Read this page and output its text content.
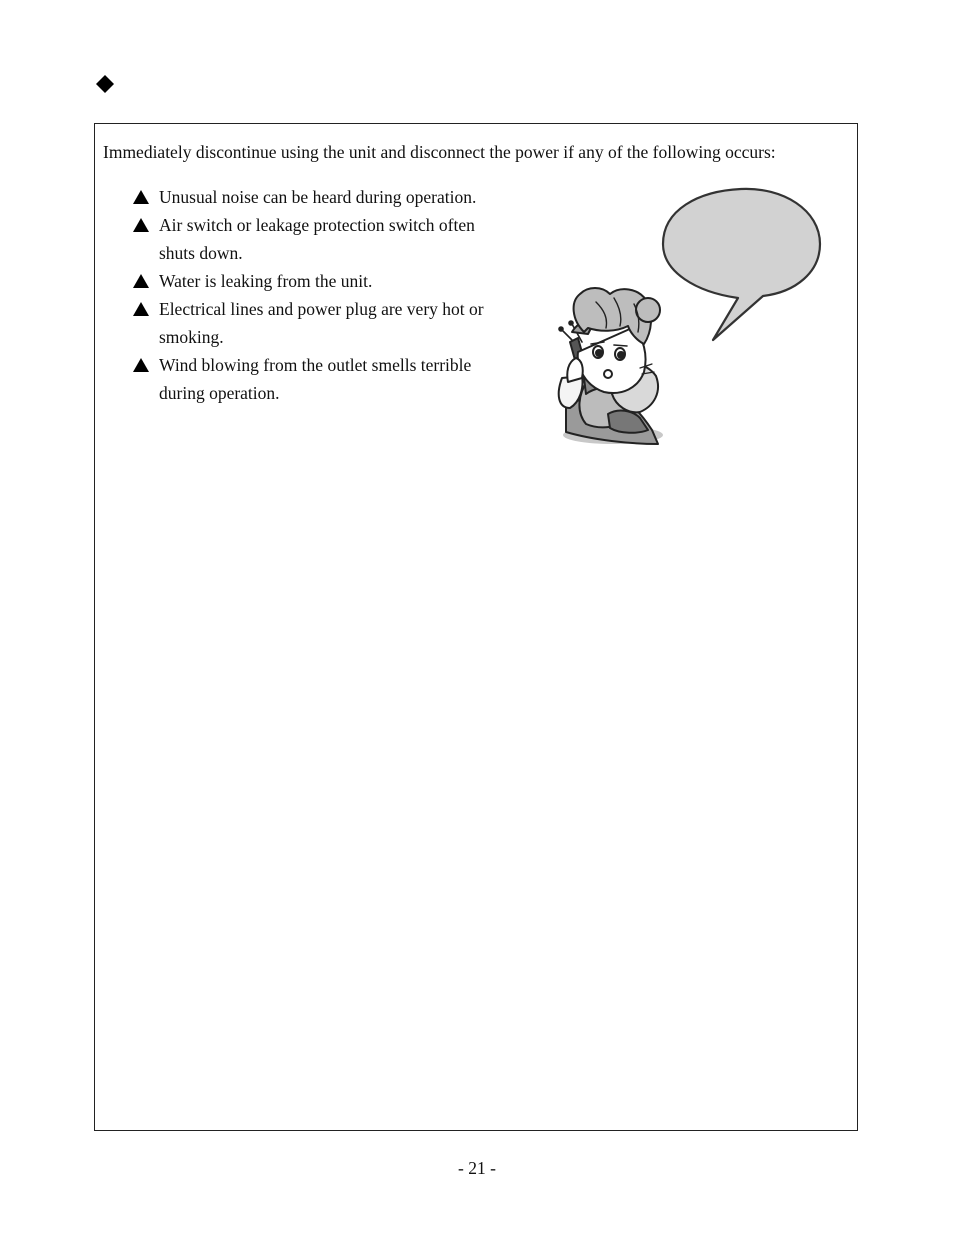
Immediately discontinue using the unit and disconnect the power if any of the following occurs:
Unusual noise can be heard during operation.
Air switch or leakage protection switch often shuts down.
Water is leaking from the unit.
Electrical lines and power plug are very hot or smoking.
Wind blowing from the outlet smells terrible during operation.
- 21 -
